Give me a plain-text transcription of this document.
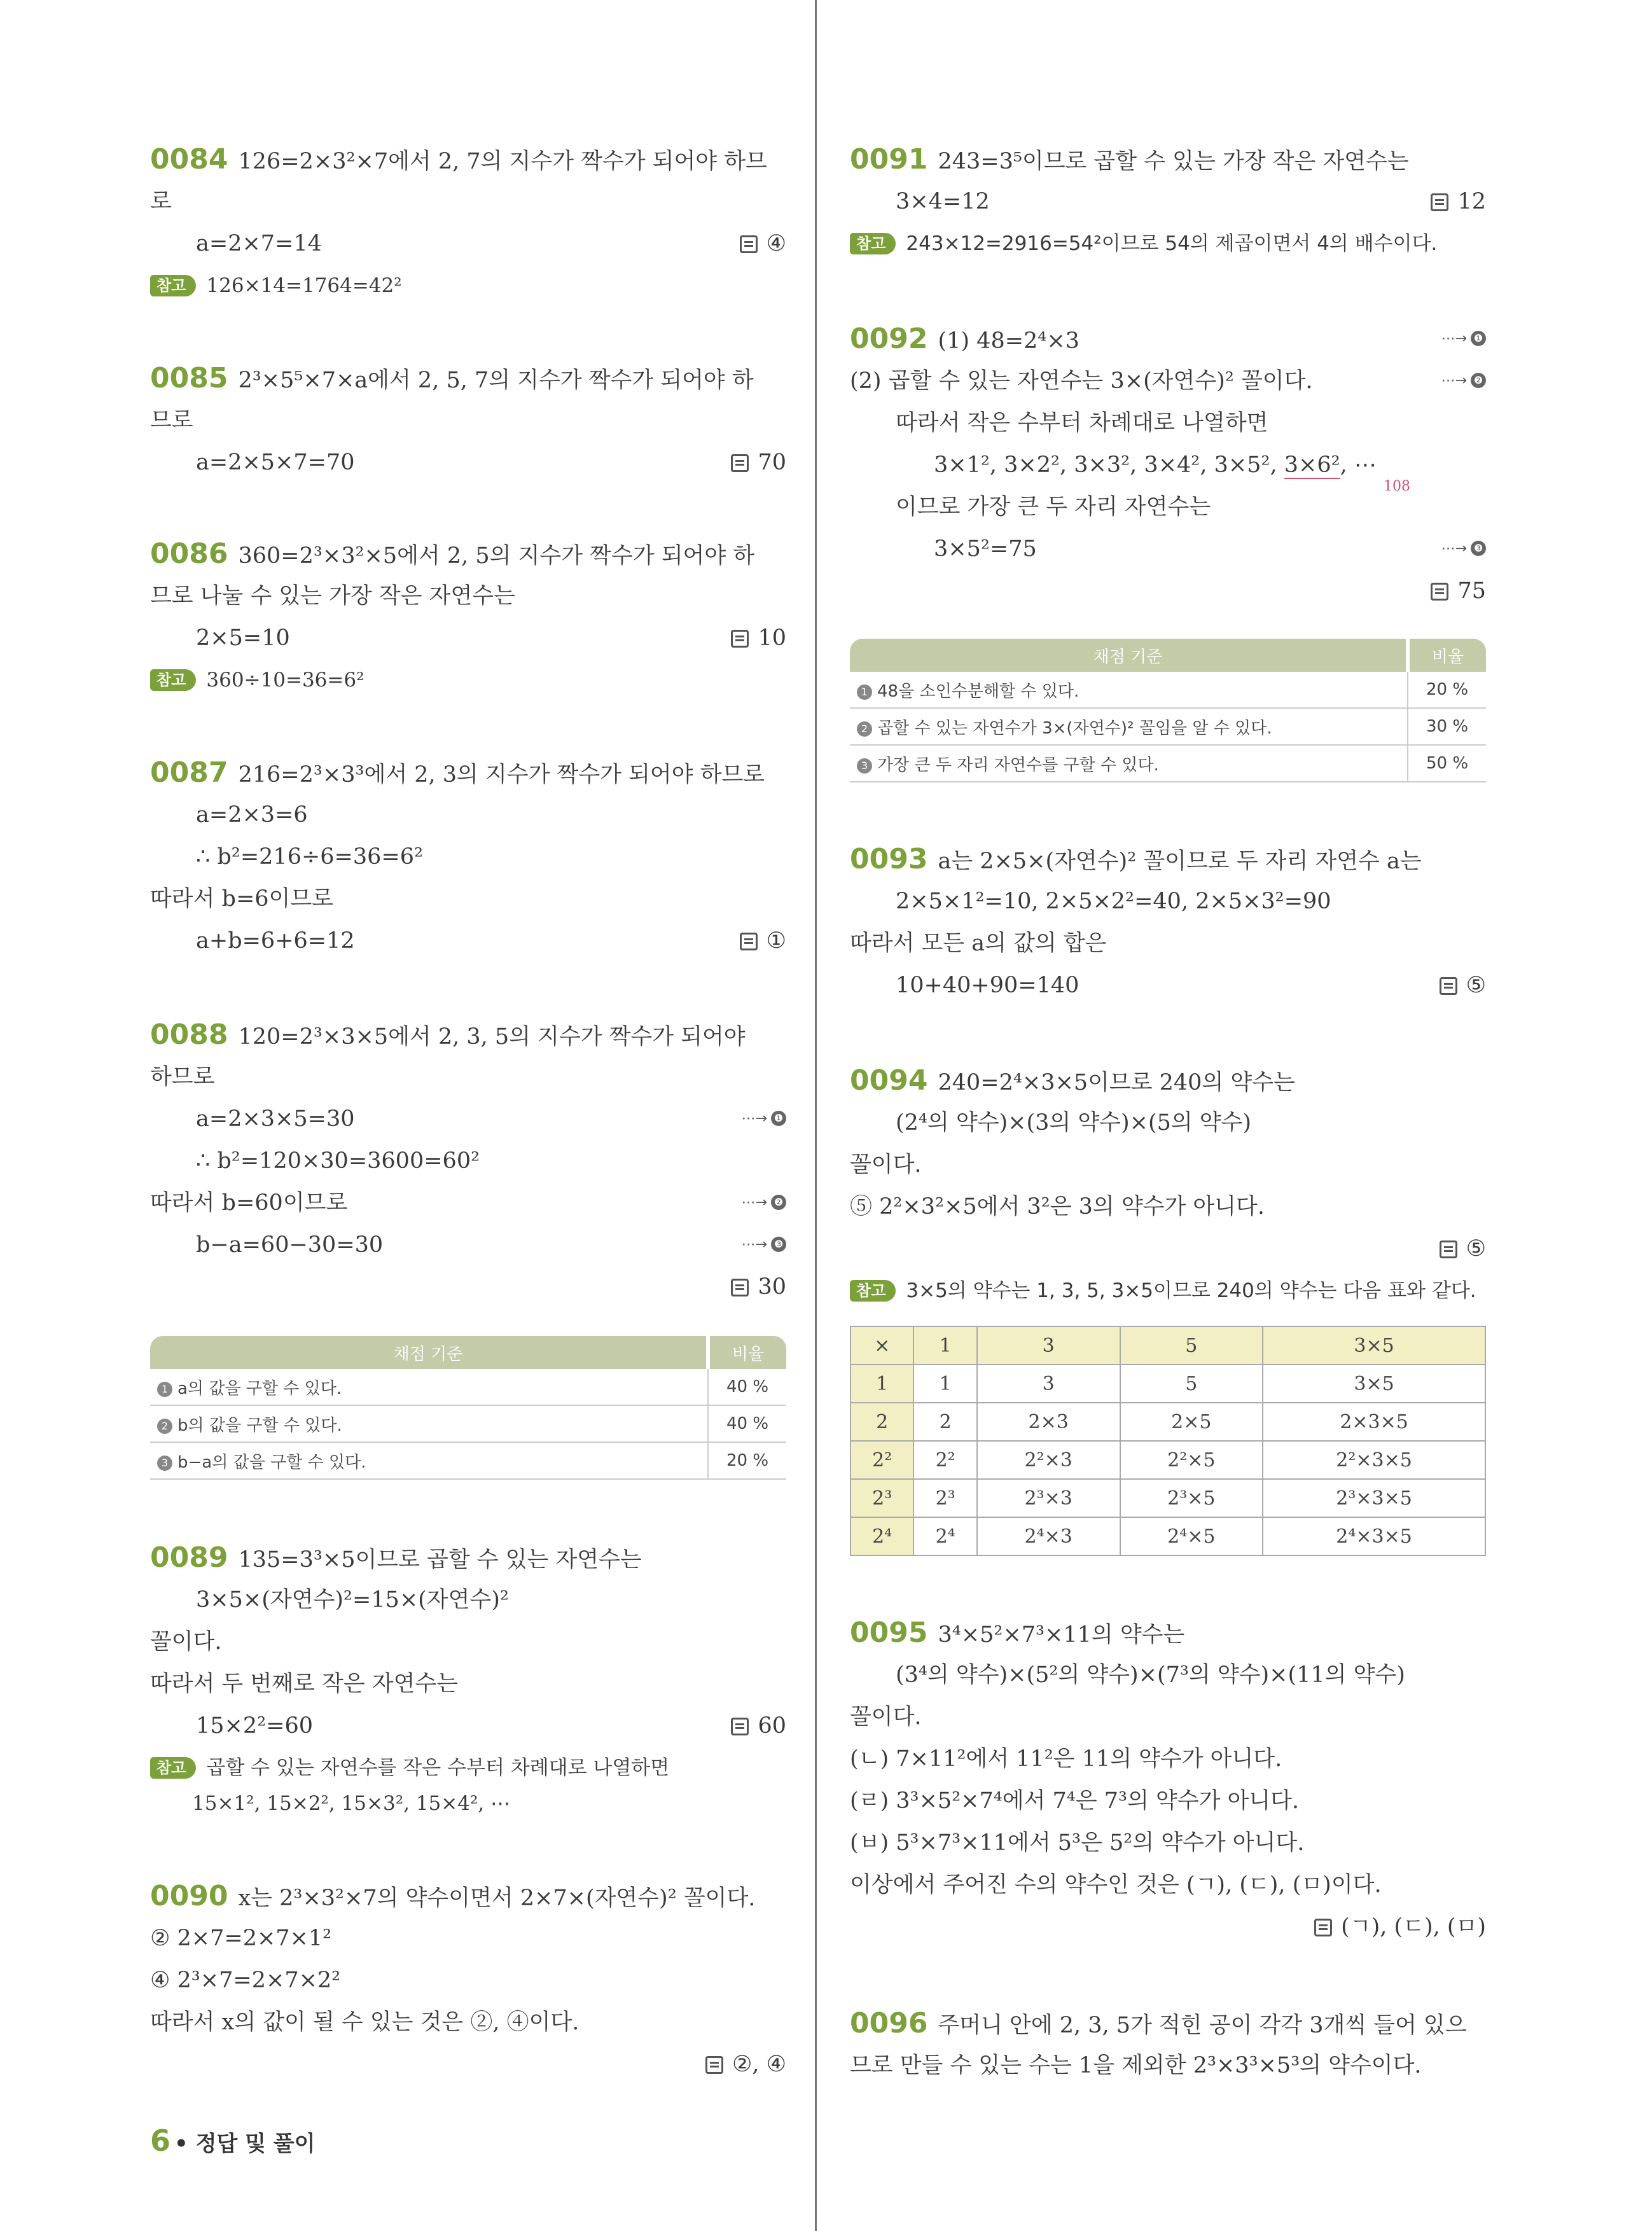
0084 126=2×3²×7에서 2, 7의 지수가 짝수가 되어야 하므
로
a=2×7=14	④
참고 126×14=1764=42²
0085 2³×5⁵×7×a에서 2, 5, 7의 지수가 짝수가 되어야 하
므로
a=2×5×7=70	70
0086 360=2³×3²×5에서 2, 5의 지수가 짝수가 되어야 하
므로 나눌 수 있는 가장 작은 자연수는
2×5=10	10
참고 360÷10=36=6²
0087 216=2³×3³에서 2, 3의 지수가 짝수가 되어야 하므로
a=2×3=6
∴ b²=216÷6=36=6²
따라서 b=6이므로
a+b=6+6=12	①
0088 120=2³×3×5에서 2, 3, 5의 지수가 짝수가 되어야
하므로
a=2×3×5=30	⋯→ ❶
∴ b²=120×30=3600=60²
따라서 b=60이므로	⋯→ ❷
b−a=60−30=30	⋯→ ❸
30
채점 기준	비율
1 a의 값을 구할 수 있다.	40 %
2 b의 값을 구할 수 있다.	40 %
3 b−a의 값을 구할 수 있다.	20 %
0089 135=3³×5이므로 곱할 수 있는 자연수는
3×5×(자연수)²=15×(자연수)²
꼴이다.
따라서 두 번째로 작은 자연수는
15×2²=60	60
참고 곱할 수 있는 자연수를 작은 수부터 차례대로 나열하면
15×1², 15×2², 15×3², 15×4², ⋯
0090 x는 2³×3²×7의 약수이면서 2×7×(자연수)² 꼴이다.
② 2×7=2×7×1²
④ 2³×7=2×7×2²
따라서 x의 값이 될 수 있는 것은 ②, ④이다.
②, ④
0091 243=3⁵이므로 곱할 수 있는 가장 작은 자연수는
3×4=12	12
참고 243×12=2916=54²이므로 54의 제곱이면서 4의 배수이다.
0092 (1) 48=2⁴×3	⋯→ ❶
(2) 곱할 수 있는 자연수는 3×(자연수)² 꼴이다.	⋯→ ❷
따라서 작은 수부터 차례대로 나열하면
3×1², 3×2², 3×3², 3×4², 3×5², 3×6², ⋯
108
이므로 가장 큰 두 자리 자연수는
3×5²=75	⋯→ ❸
75
채점 기준	비율
1 48을 소인수분해할 수 있다.	20 %
2 곱할 수 있는 자연수가 3×(자연수)² 꼴임을 알 수 있다.	30 %
3 가장 큰 두 자리 자연수를 구할 수 있다.	50 %
0093 a는 2×5×(자연수)² 꼴이므로 두 자리 자연수 a는
2×5×1²=10, 2×5×2²=40, 2×5×3²=90
따라서 모든 a의 값의 합은
10+40+90=140	⑤
0094 240=2⁴×3×5이므로 240의 약수는
(2⁴의 약수)×(3의 약수)×(5의 약수)
꼴이다.
⑤ 2²×3²×5에서 3²은 3의 약수가 아니다.
⑤
참고 3×5의 약수는 1, 3, 5, 3×5이므로 240의 약수는 다음 표와 같다.
×	1	3	5	3×5
1	1	3	5	3×5
2	2	2×3	2×5	2×3×5
2²	2²	2²×3	2²×5	2²×3×5
2³	2³	2³×3	2³×5	2³×3×5
2⁴	2⁴	2⁴×3	2⁴×5	2⁴×3×5
0095 3⁴×5²×7³×11의 약수는
(3⁴의 약수)×(5²의 약수)×(7³의 약수)×(11의 약수)
꼴이다.
(ㄴ) 7×11²에서 11²은 11의 약수가 아니다.
(ㄹ) 3³×5²×7⁴에서 7⁴은 7³의 약수가 아니다.
(ㅂ) 5³×7³×11에서 5³은 5²의 약수가 아니다.
이상에서 주어진 수의 약수인 것은 (ㄱ), (ㄷ), (ㅁ)이다.
(ㄱ), (ㄷ), (ㅁ)
0096 주머니 안에 2, 3, 5가 적힌 공이 각각 3개씩 들어 있으
므로 만들 수 있는 수는 1을 제외한 2³×3³×5³의 약수이다.
6 • 정답 및 풀이
